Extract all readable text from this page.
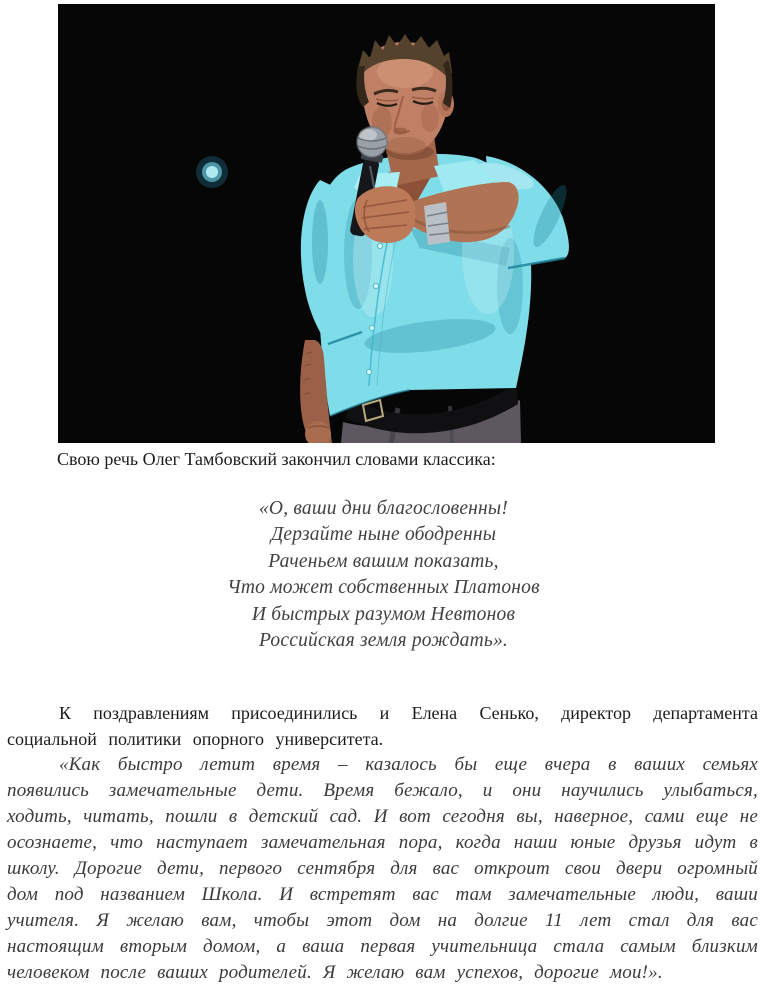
Свою речь Олег Тамбовский закончил словами классика:

«О, ваши дни благословенны!
Дерзайте ныне ободренны
Раченьем вашим показать,
Что может собственных Платонов
И быстрых разумом Невтонов
Российская земля рождать».

К поздравлениям присоединились и Елена Сенько, директор департамента социальной политики опорного университета.

«Как быстро летит время – казалось бы еще вчера в ваших семьях появились замечательные дети. Время бежало, и они научились улыбаться, ходить, читать, пошли в детский сад. И вот сегодня вы, наверное, сами еще не осознаете, что наступает замечательная пора, когда наши юные друзья идут в школу. Дорогие дети, первого сентября для вас откроит свои двери огромный дом под названием Школа. И встретят вас там замечательные люди, ваши учителя. Я желаю вам, чтобы этот дом на долгие 11 лет стал для вас настоящим вторым домом, а ваша первая учительница стала самым близким человеком после ваших родителей. Я желаю вам успехов, дорогие мои!».
